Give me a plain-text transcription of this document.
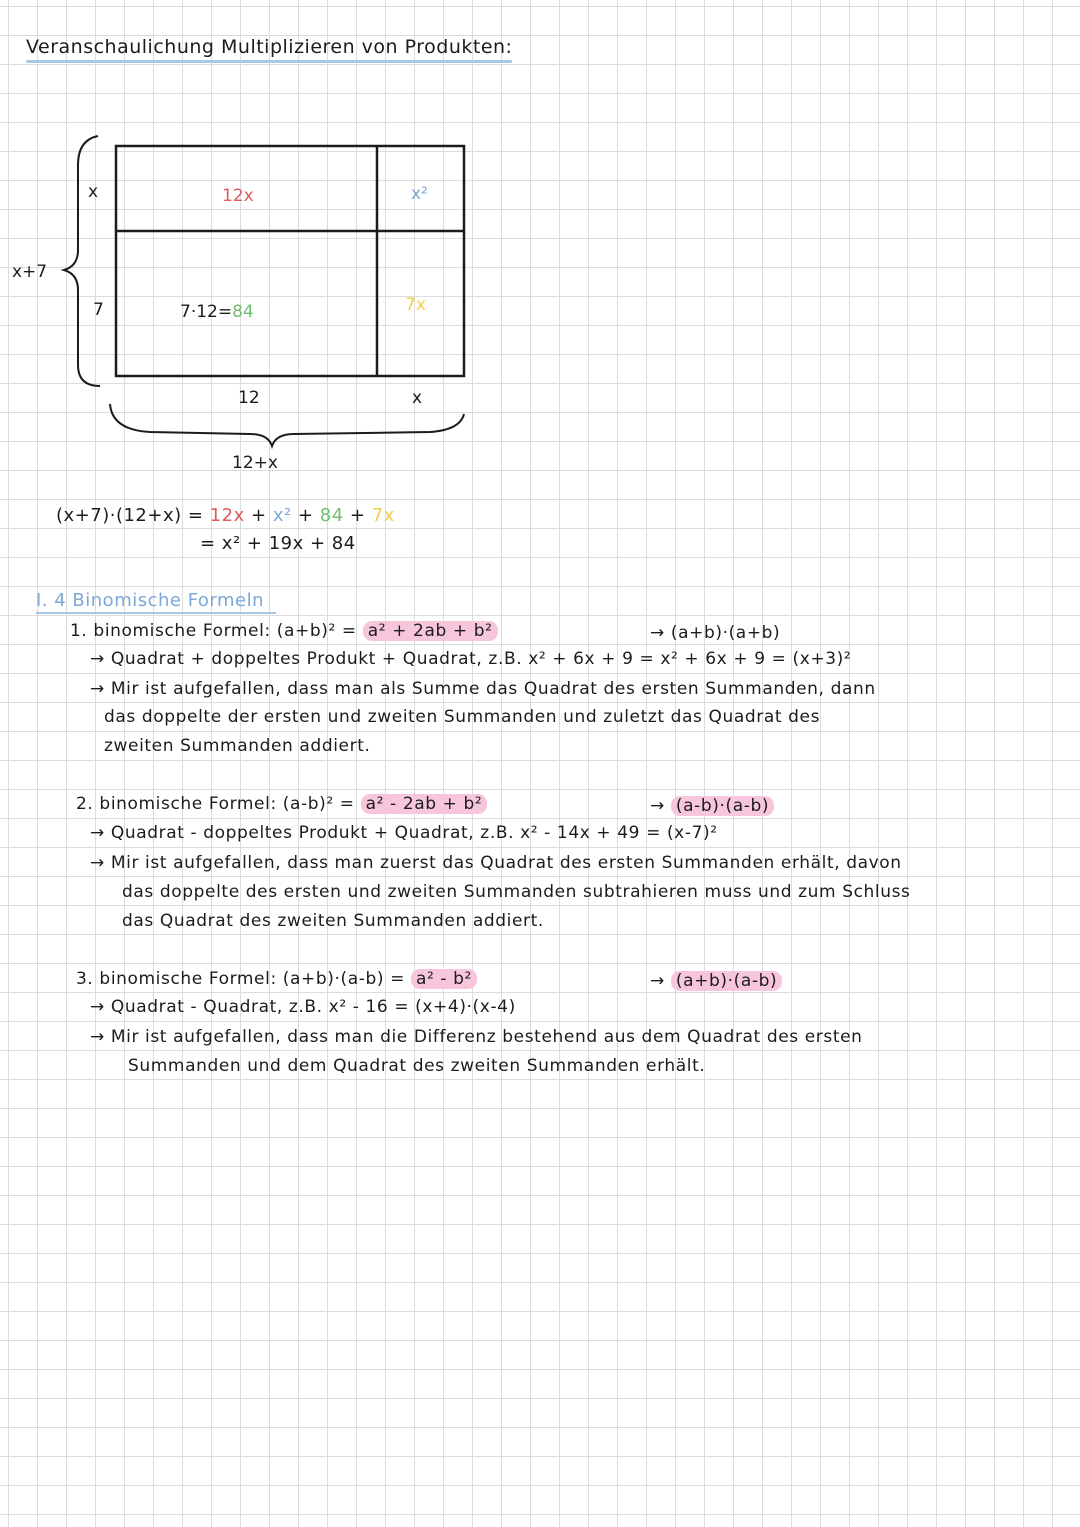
Veranschaulichung Multiplizieren von Produkten:
x
7
x+7
12x	x²
7·12=84	7x
12	x
12+x
(x+7)·(12+x) = 12x + x² + 84 + 7x
= x² + 19x + 84
I. 4 Binomische Formeln
1. binomische Formel: (a+b)² = a² + 2ab + b²	→ (a+b)·(a+b)
→ Quadrat + doppeltes Produkt + Quadrat, z.B. x² + 6x + 9 = x² + 6x + 9 = (x+3)²
→ Mir ist aufgefallen, dass man als Summe das Quadrat des ersten Summanden, dann
das doppelte der ersten und zweiten Summanden und zuletzt das Quadrat des
zweiten Summanden addiert.
2. binomische Formel: (a-b)² = a² - 2ab + b²	→ (a-b)·(a-b)
→ Quadrat - doppeltes Produkt + Quadrat, z.B. x² - 14x + 49 = (x-7)²
→ Mir ist aufgefallen, dass man zuerst das Quadrat des ersten Summanden erhält, davon
das doppelte des ersten und zweiten Summanden subtrahieren muss und zum Schluss
das Quadrat des zweiten Summanden addiert.
3. binomische Formel: (a+b)·(a-b) = a² - b²	→ (a+b)·(a-b)
→ Quadrat - Quadrat, z.B. x² - 16 = (x+4)·(x-4)
→ Mir ist aufgefallen, dass man die Differenz bestehend aus dem Quadrat des ersten
Summanden und dem Quadrat des zweiten Summanden erhält.
